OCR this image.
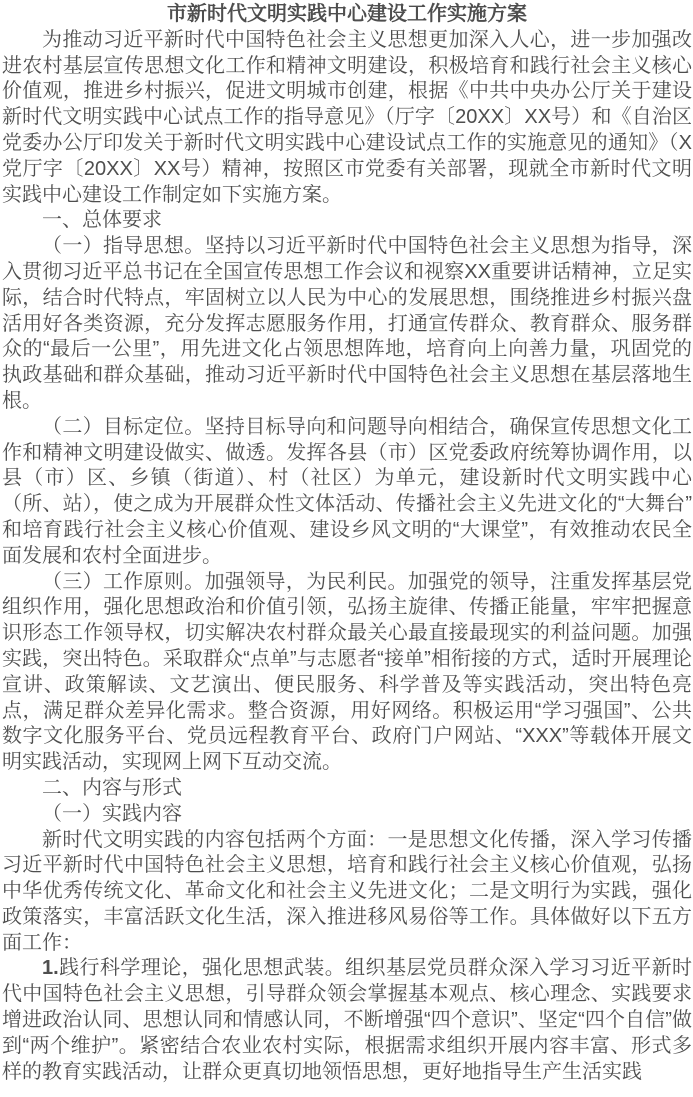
市新时代文明实践中心建设工作实施方案

为推动习近平新时代中国特色社会主义思想更加深入人心，进一步加强改进农村基层宣传思想文化工作和精神文明建设，积极培育和践行社会主义核心价值观，推进乡村振兴，促进文明城市创建，根据《中共中央办公厅关于建设新时代文明实践中心试点工作的指导意见》（厅字〔20XX〕XX号）和《自治区党委办公厅印发关于新时代文明实践中心建设试点工作的实施意见的通知》（X党厅字〔20XX〕XX号）精神，按照区市党委有关部署，现就全市新时代文明实践中心建设工作制定如下实施方案。

一、总体要求

（一）指导思想。坚持以习近平新时代中国特色社会主义思想为指导，深入贯彻习近平总书记在全国宣传思想工作会议和视察XX重要讲话精神，立足实际，结合时代特点，牢固树立以人民为中心的发展思想，围绕推进乡村振兴盘活用好各类资源，充分发挥志愿服务作用，打通宣传群众、教育群众、服务群众的“最后一公里”，用先进文化占领思想阵地，培育向上向善力量，巩固党的执政基础和群众基础，推动习近平新时代中国特色社会主义思想在基层落地生根。

（二）目标定位。坚持目标导向和问题导向相结合，确保宣传思想文化工作和精神文明建设做实、做透。发挥各县（市）区党委政府统筹协调作用，以县（市）区、乡镇（街道）、村（社区）为单元，建设新时代文明实践中心（所、站），使之成为开展群众性文体活动、传播社会主义先进文化的“大舞台”和培育践行社会主义核心价值观、建设乡风文明的“大课堂”，有效推动农民全面发展和农村全面进步。

（三）工作原则。加强领导，为民利民。加强党的领导，注重发挥基层党组织作用，强化思想政治和价值引领，弘扬主旋律、传播正能量，牢牢把握意识形态工作领导权，切实解决农村群众最关心最直接最现实的利益问题。加强实践，突出特色。采取群众“点单”与志愿者“接单”相衔接的方式，适时开展理论宣讲、政策解读、文艺演出、便民服务、科学普及等实践活动，突出特色亮点，满足群众差异化需求。整合资源，用好网络。积极运用“学习强国”、公共数字文化服务平台、党员远程教育平台、政府门户网站、“XXX”等载体开展文明实践活动，实现网上网下互动交流。

二、内容与形式

（一）实践内容

新时代文明实践的内容包括两个方面：一是思想文化传播，深入学习传播习近平新时代中国特色社会主义思想，培育和践行社会主义核心价值观，弘扬中华优秀传统文化、革命文化和社会主义先进文化；二是文明行为实践，强化政策落实，丰富活跃文化生活，深入推进移风易俗等工作。具体做好以下五方面工作：

1.践行科学理论，强化思想武装。组织基层党员群众深入学习习近平新时代中国特色社会主义思想，引导群众领会掌握基本观点、核心理念、实践要求增进政治认同、思想认同和情感认同，不断增强“四个意识”、坚定“四个自信”做到“两个维护”。紧密结合农业农村实际，根据需求组织开展内容丰富、形式多样的教育实践活动，让群众更真切地领悟思想，更好地指导生产生活实践
